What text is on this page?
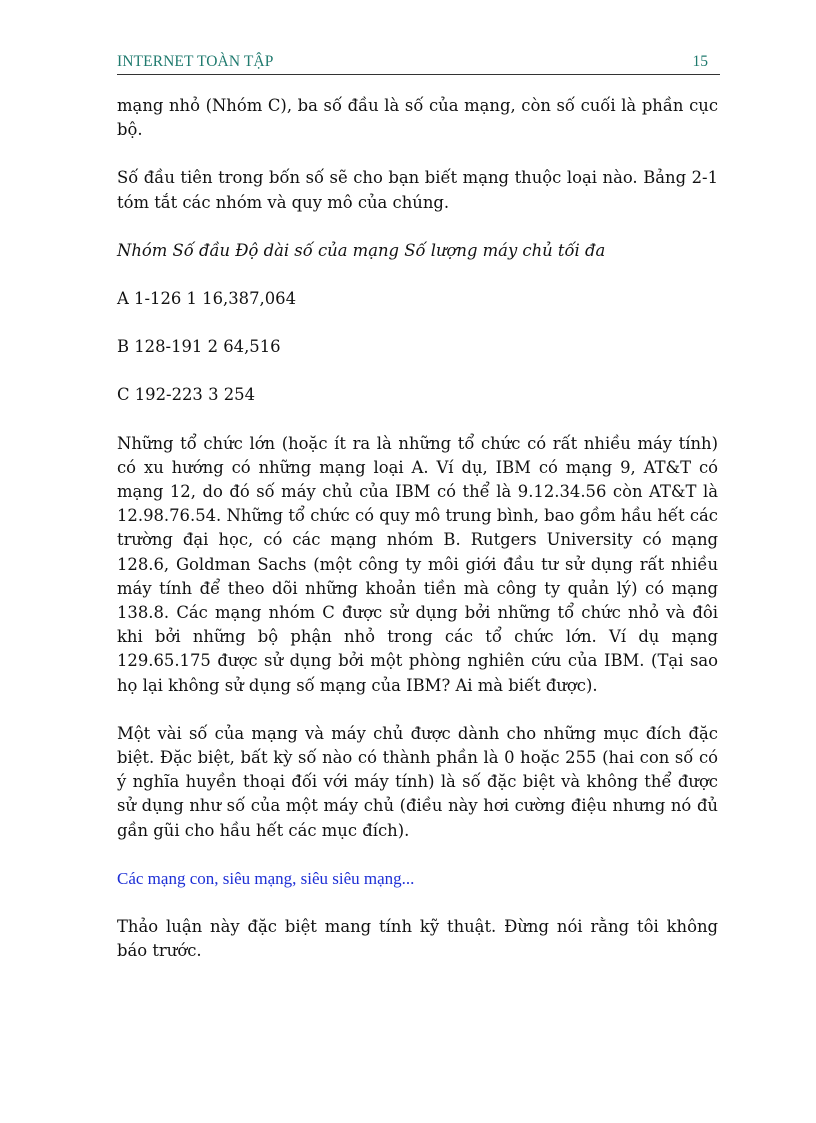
INTERNET TOÀN TẬP	15

mạng nhỏ (Nhóm C), ba số đầu là số của mạng, còn số cuối là phần cục bộ.

Số đầu tiên trong bốn số sẽ cho bạn biết mạng thuộc loại nào. Bảng 2-1 tóm tắt các nhóm và quy mô của chúng.

Nhóm Số đầu Độ dài số của mạng Số lượng máy chủ tối đa

A 1-126 1 16,387,064

B 128-191 2 64,516

C 192-223 3 254

Những tổ chức lớn (hoặc ít ra là những tổ chức có rất nhiều máy tính) có xu hướng có những mạng loại A. Ví dụ, IBM có mạng 9, AT&T có mạng 12, do đó số máy chủ của IBM có thể là 9.12.34.56 còn AT&T là 12.98.76.54. Những tổ chức có quy mô trung bình, bao gồm hầu hết các trường đại học, có các mạng nhóm B. Rutgers University có mạng 128.6, Goldman Sachs (một công ty môi giới đầu tư sử dụng rất nhiều máy tính để theo dõi những khoản tiền mà công ty quản lý) có mạng 138.8. Các mạng nhóm C được sử dụng bởi những tổ chức nhỏ và đôi khi bởi những bộ phận nhỏ trong các tổ chức lớn. Ví dụ mạng 129.65.175 được sử dụng bởi một phòng nghiên cứu của IBM. (Tại sao họ lại không sử dụng số mạng của IBM? Ai mà biết được).

Một vài số của mạng và máy chủ được dành cho những mục đích đặc biệt. Đặc biệt, bất kỳ số nào có thành phần là 0 hoặc 255 (hai con số có ý nghĩa huyền thoại đối với máy tính) là số đặc biệt và không thể được sử dụng như số của một máy chủ (điều này hơi cường điệu nhưng nó đủ gần gũi cho hầu hết các mục đích).

Các mạng con, siêu mạng, siêu siêu mạng...

Thảo luận này đặc biệt mang tính kỹ thuật. Đừng nói rằng tôi không báo trước.
